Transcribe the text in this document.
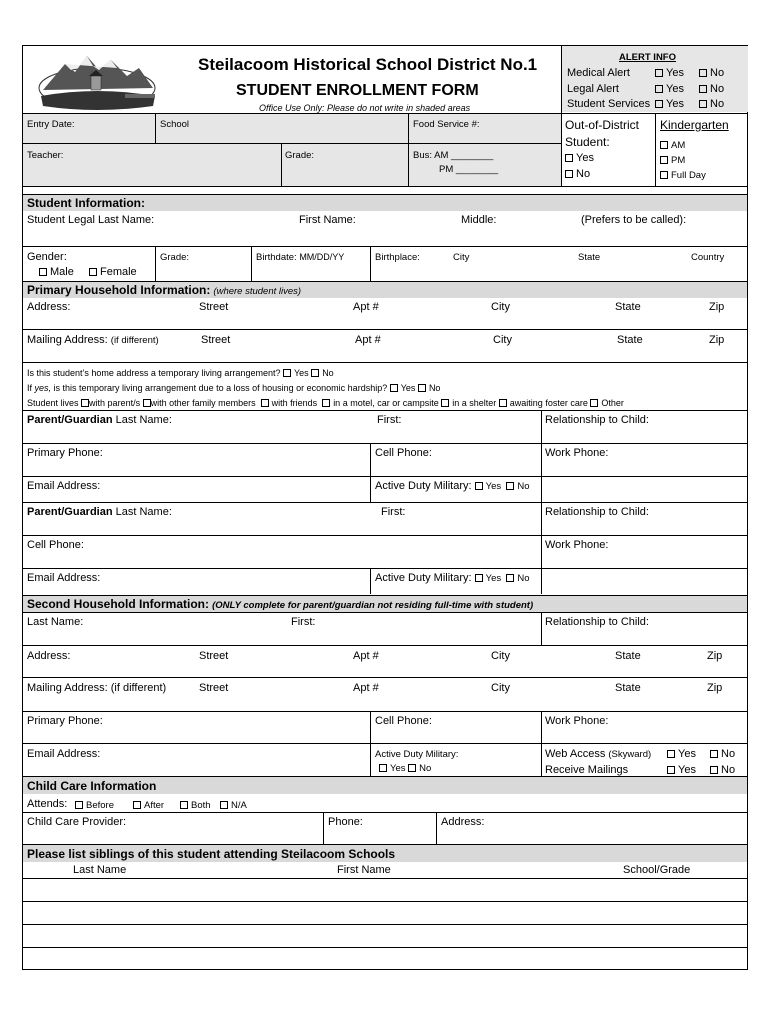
Steilacoom Historical School District No.1
STUDENT ENROLLMENT FORM
Office Use Only: Please do not write in shaded areas
ALERT INFO
Medical Alert	Yes	No
Legal Alert	Yes	No
Student Services	Yes	No
Entry Date:	School	Food Service #:
Teacher:	Grade:	Bus: AM ________
PM ________
Out-of-District
Student:
Yes
No
Kindergarten
AM
PM
Full Day
Student Information:
Student Legal Last Name:	First Name:	Middle:	(Prefers to be called):
Gender:
Male	Female
Grade:	Birthdate: MM/DD/YY	Birthplace:	City	State	Country
Primary Household Information: (where student lives)
Address:	Street	Apt #	City	State	Zip
Mailing Address: (if different)	Street	Apt #	City	State	Zip
Is this student’s home address a temporary living arrangement? Yes No
If yes, is this temporary living arrangement due to a loss of housing or economic hardship? Yes No
Student lives with parent/s with other family members with friends in a motel, car or campsite in a shelter awaiting foster care Other
Parent/Guardian Last Name:	First:	Relationship to Child:
Primary Phone:	Cell Phone:	Work Phone:
Email Address:	Active Duty Military: Yes No
Parent/Guardian Last Name:	First:	Relationship to Child:
Cell Phone:	Work Phone:
Email Address:	Active Duty Military: Yes No
Second Household Information: (ONLY complete for parent/guardian not residing full-time with student)
Last Name:	First:	Relationship to Child:
Address:	Street	Apt #	City	State	Zip
Mailing Address: (if different)	Street	Apt #	City	State	Zip
Primary Phone:	Cell Phone:	Work Phone:
Email Address:	Active Duty Military:
Yes No
Web Access (Skyward)	Yes	No
Receive Mailings	Yes	No
Child Care Information
Attends:	Before	After	Both	N/A
Child Care Provider:	Phone:	Address:
Please list siblings of this student attending Steilacoom Schools
Last Name	First Name	School/Grade
